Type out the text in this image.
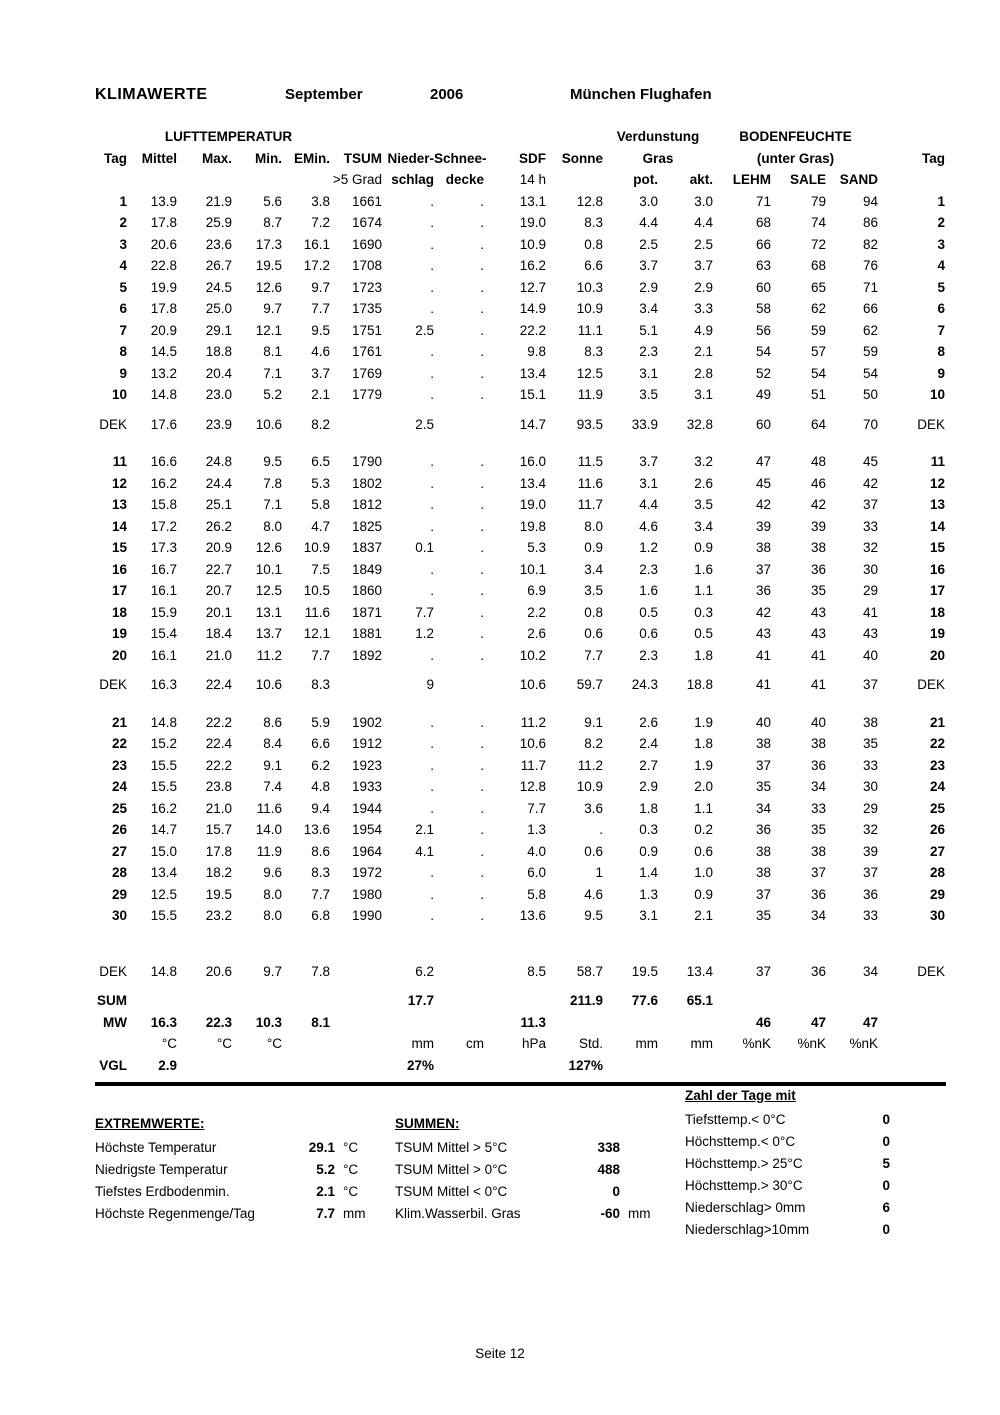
KLIMAWERTE	September	2006	München Flughafen
	LUFTTEMPERATUR									Verdunstung		BODENFEUCHTE			
Tag	Mittel	Max.	Min.	EMin.	TSUM	Nieder-	Schnee-	SDF	Sonne	Gras		(unter Gras)			Tag
					>5 Grad	schlag	decke	14 h		pot.	akt.	LEHM	SALE	SAND	
1	13.9	21.9	5.6	3.8	1661	.	.	13.1	12.8	3.0	3.0	71	79	94	1
2	17.8	25.9	8.7	7.2	1674	.	.	19.0	8.3	4.4	4.4	68	74	86	2
3	20.6	23.6	17.3	16.1	1690	.	.	10.9	0.8	2.5	2.5	66	72	82	3
4	22.8	26.7	19.5	17.2	1708	.	.	16.2	6.6	3.7	3.7	63	68	76	4
5	19.9	24.5	12.6	9.7	1723	.	.	12.7	10.3	2.9	2.9	60	65	71	5
6	17.8	25.0	9.7	7.7	1735	.	.	14.9	10.9	3.4	3.3	58	62	66	6
7	20.9	29.1	12.1	9.5	1751	2.5	.	22.2	11.1	5.1	4.9	56	59	62	7
8	14.5	18.8	8.1	4.6	1761	.	.	9.8	8.3	2.3	2.1	54	57	59	8
9	13.2	20.4	7.1	3.7	1769	.	.	13.4	12.5	3.1	2.8	52	54	54	9
10	14.8	23.0	5.2	2.1	1779	.	.	15.1	11.9	3.5	3.1	49	51	50	10

DEK	17.6	23.9	10.6	8.2		2.5		14.7	93.5	33.9	32.8	60	64	70	DEK

11	16.6	24.8	9.5	6.5	1790	.	.	16.0	11.5	3.7	3.2	47	48	45	11
12	16.2	24.4	7.8	5.3	1802	.	.	13.4	11.6	3.1	2.6	45	46	42	12
13	15.8	25.1	7.1	5.8	1812	.	.	19.0	11.7	4.4	3.5	42	42	37	13
14	17.2	26.2	8.0	4.7	1825	.	.	19.8	8.0	4.6	3.4	39	39	33	14
15	17.3	20.9	12.6	10.9	1837	0.1	.	5.3	0.9	1.2	0.9	38	38	32	15
16	16.7	22.7	10.1	7.5	1849	.	.	10.1	3.4	2.3	1.6	37	36	30	16
17	16.1	20.7	12.5	10.5	1860	.	.	6.9	3.5	1.6	1.1	36	35	29	17
18	15.9	20.1	13.1	11.6	1871	7.7	.	2.2	0.8	0.5	0.3	42	43	41	18
19	15.4	18.4	13.7	12.1	1881	1.2	.	2.6	0.6	0.6	0.5	43	43	43	19
20	16.1	21.0	11.2	7.7	1892	.	.	10.2	7.7	2.3	1.8	41	41	40	20

DEK	16.3	22.4	10.6	8.3		9		10.6	59.7	24.3	18.8	41	41	37	DEK

21	14.8	22.2	8.6	5.9	1902	.	.	11.2	9.1	2.6	1.9	40	40	38	21
22	15.2	22.4	8.4	6.6	1912	.	.	10.6	8.2	2.4	1.8	38	38	35	22
23	15.5	22.2	9.1	6.2	1923	.	.	11.7	11.2	2.7	1.9	37	36	33	23
24	15.5	23.8	7.4	4.8	1933	.	.	12.8	10.9	2.9	2.0	35	34	30	24
25	16.2	21.0	11.6	9.4	1944	.	.	7.7	3.6	1.8	1.1	34	33	29	25
26	14.7	15.7	14.0	13.6	1954	2.1	.	1.3	.	0.3	0.2	36	35	32	26
27	15.0	17.8	11.9	8.6	1964	4.1	.	4.0	0.6	0.9	0.6	38	38	39	27
28	13.4	18.2	9.6	8.3	1972	.	.	6.0	1	1.4	1.0	38	37	37	28
29	12.5	19.5	8.0	7.7	1980	.	.	5.8	4.6	1.3	0.9	37	36	36	29
30	15.5	23.2	8.0	6.8	1990	.	.	13.6	9.5	3.1	2.1	35	34	33	30

DEK	14.8	20.6	9.7	7.8		6.2		8.5	58.7	19.5	13.4	37	36	34	DEK

SUM						17.7			211.9	77.6	65.1				
MW	16.3	22.3	10.3	8.1				11.3				46	47	47	
	°C	°C	°C			mm	cm	hPa	Std.	mm	mm	%nK	%nK	%nK	
VGL	2.9					27%			127%						
EXTREMWERTE:
Höchste Temperatur	29.1 °C
Niedrigste Temperatur	5.2 °C
Tiefstes Erdbodenmin.	2.1 °C
Höchste Regenmenge/Tag	7.7 mm
SUMMEN:
TSUM Mittel > 5°C	338
TSUM Mittel > 0°C	488
TSUM Mittel < 0°C	0
Klim.Wasserbil. Gras	-60 mm
Zahl der Tage mit
Tiefsttemp.< 0°C	0
Höchsttemp.< 0°C	0
Höchsttemp.> 25°C	5
Höchsttemp.> 30°C	0
Niederschlag> 0mm	6
Niederschlag>10mm	0
Seite 12
